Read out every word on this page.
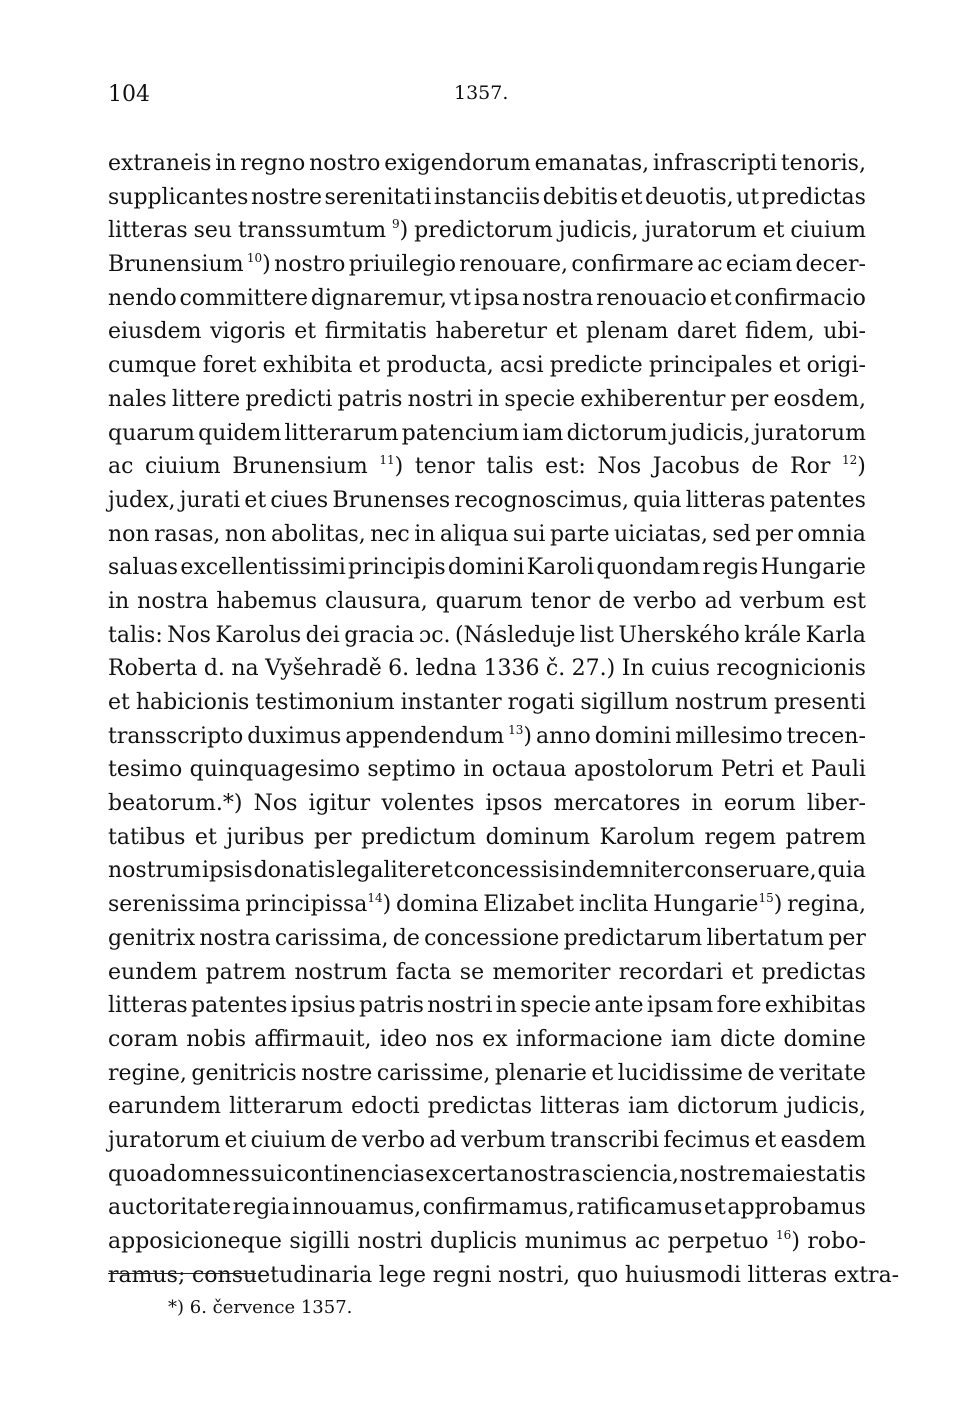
104	1357.
extraneis in regno nostro exigendorum emanatas, infrascripti tenoris,
supplicantes nostre serenitati instanciis debitis et deuotis, ut predictas
litteras seu transsumtum $^9$) predictorum judicis, juratorum et ciuium
Brunensium $^{10}$) nostro priuilegio renouare, confirmare ac eciam decer-
nendo committere dignaremur, vt ipsa nostra renouacio et confirmacio
eiusdem vigoris et firmitatis haberetur et plenam daret fidem, ubi-
cumque foret exhibita et producta, acsi predicte principales et origi-
nales littere predicti patris nostri in specie exhiberentur per eosdem,
quarum quidem litterarum patencium iam dictorum judicis, juratorum
ac ciuium Brunensium $^{11}$) tenor talis est: Nos Jacobus de Ror $^{12}$)
judex, jurati et ciues Brunenses recognoscimus, quia litteras patentes
non rasas, non abolitas, nec in aliqua sui parte uiciatas, sed per omnia
saluas excellentissimi principis domini Karoli quondam regis Hungarie
in nostra habemus clausura, quarum tenor de verbo ad verbum est
talis: Nos Karolus dei gracia ɔc. (Následuje list Uherského krále Karla
Roberta d. na Vyšehradě 6. ledna 1336 č. 27.) In cuius recognicionis
et habicionis testimonium instanter rogati sigillum nostrum presenti
transscripto duximus appendendum $^{13}$) anno domini millesimo trecen-
tesimo quinquagesimo septimo in octaua apostolorum Petri et Pauli
beatorum.*) Nos igitur volentes ipsos mercatores in eorum liber-
tatibus et juribus per predictum dominum Karolum regem patrem
nostrum ipsis donatis legaliter et concessis indemniter conseruare, quia
serenissima principissa$^{14}$) domina Elizabet inclita Hungarie$^{15}$) regina,
genitrix nostra carissima, de concessione predictarum libertatum per
eundem patrem nostrum facta se memoriter recordari et predictas
litteras patentes ipsius patris nostri in specie ante ipsam fore exhibitas
coram nobis affirmauit, ideo nos ex informacione iam dicte domine
regine, genitricis nostre carissime, plenarie et lucidissime de veritate
earundem litterarum edocti predictas litteras iam dictorum judicis,
juratorum et ciuium de verbo ad verbum transcribi fecimus et easdem
quoad omnes sui continencias ex certa nostra sciencia, nostre maiestatis
auctoritate regia innouamus, confirmamus, ratificamus et approbamus
apposicioneque sigilli nostri duplicis munimus ac perpetuo $^{16}$) robo-
ramus; consuetudinaria lege regni nostri, quo huiusmodi litteras extra-
*) 6. července 1357.
